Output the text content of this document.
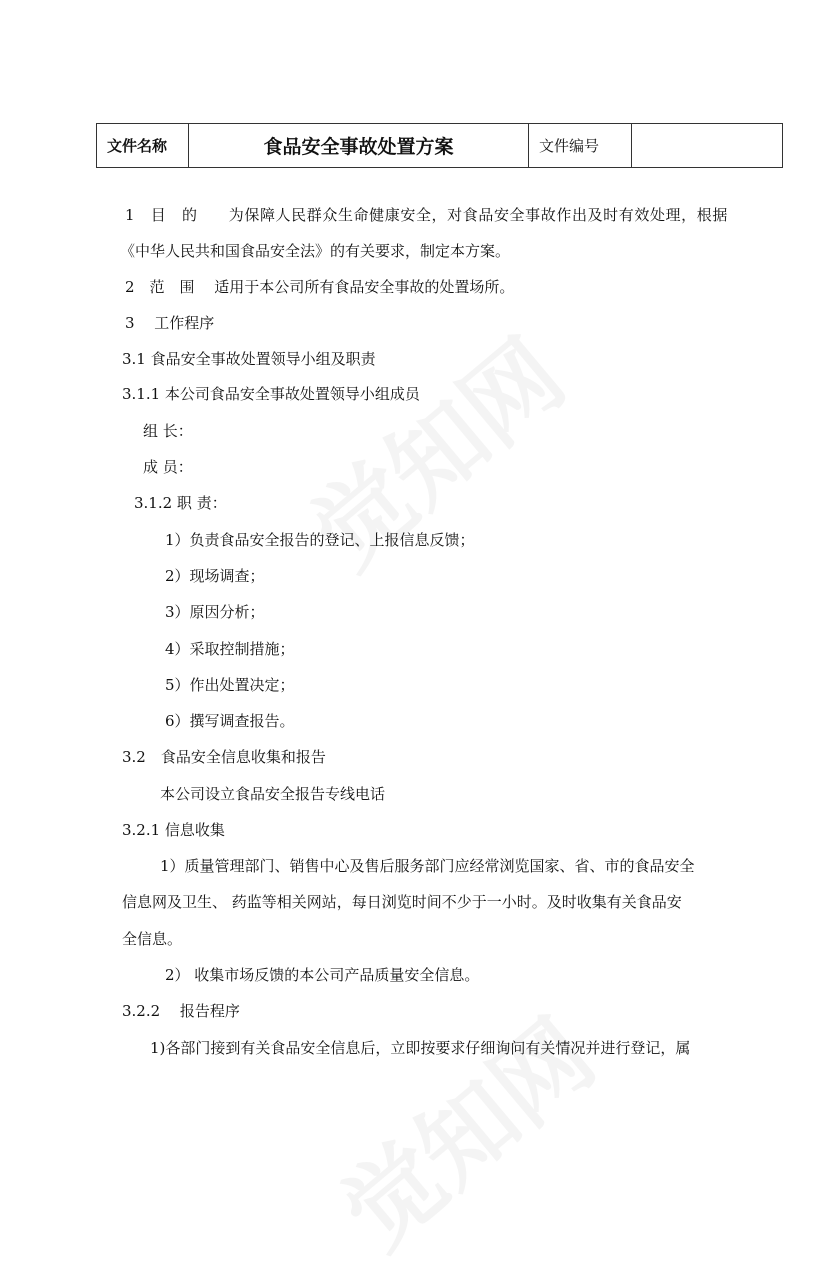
文件名称	食品安全事故处置方案	文件编号	
1　目　的　　为保障人民群众生命健康安全，对食品安全事故作出及时有效处理，根据
《中华人民共和国食品安全法》的有关要求，制定本方案。
2　范　围　 适用于本公司所有食品安全事故的处置场所。
3　 工作程序
3.1 食品安全事故处置领导小组及职责
3.1.1 本公司食品安全事故处置领导小组成员
组 长：
成 员：
3.1.2 职 责：
1）负责食品安全报告的登记、上报信息反馈；
2）现场调查；
3）原因分析；
4）采取控制措施；
5）作出处置决定；
6）撰写调查报告。
3.2　食品安全信息收集和报告
本公司设立食品安全报告专线电话
3.2.1 信息收集
1）质量管理部门、销售中心及售后服务部门应经常浏览国家、省、市的食品安全
信息网及卫生、 药监等相关网站，每日浏览时间不少于一小时。及时收集有关食品安
全信息。
2） 收集市场反馈的本公司产品质量安全信息。
3.2.2　 报告程序
1)各部门接到有关食品安全信息后，立即按要求仔细询问有关情况并进行登记，属
